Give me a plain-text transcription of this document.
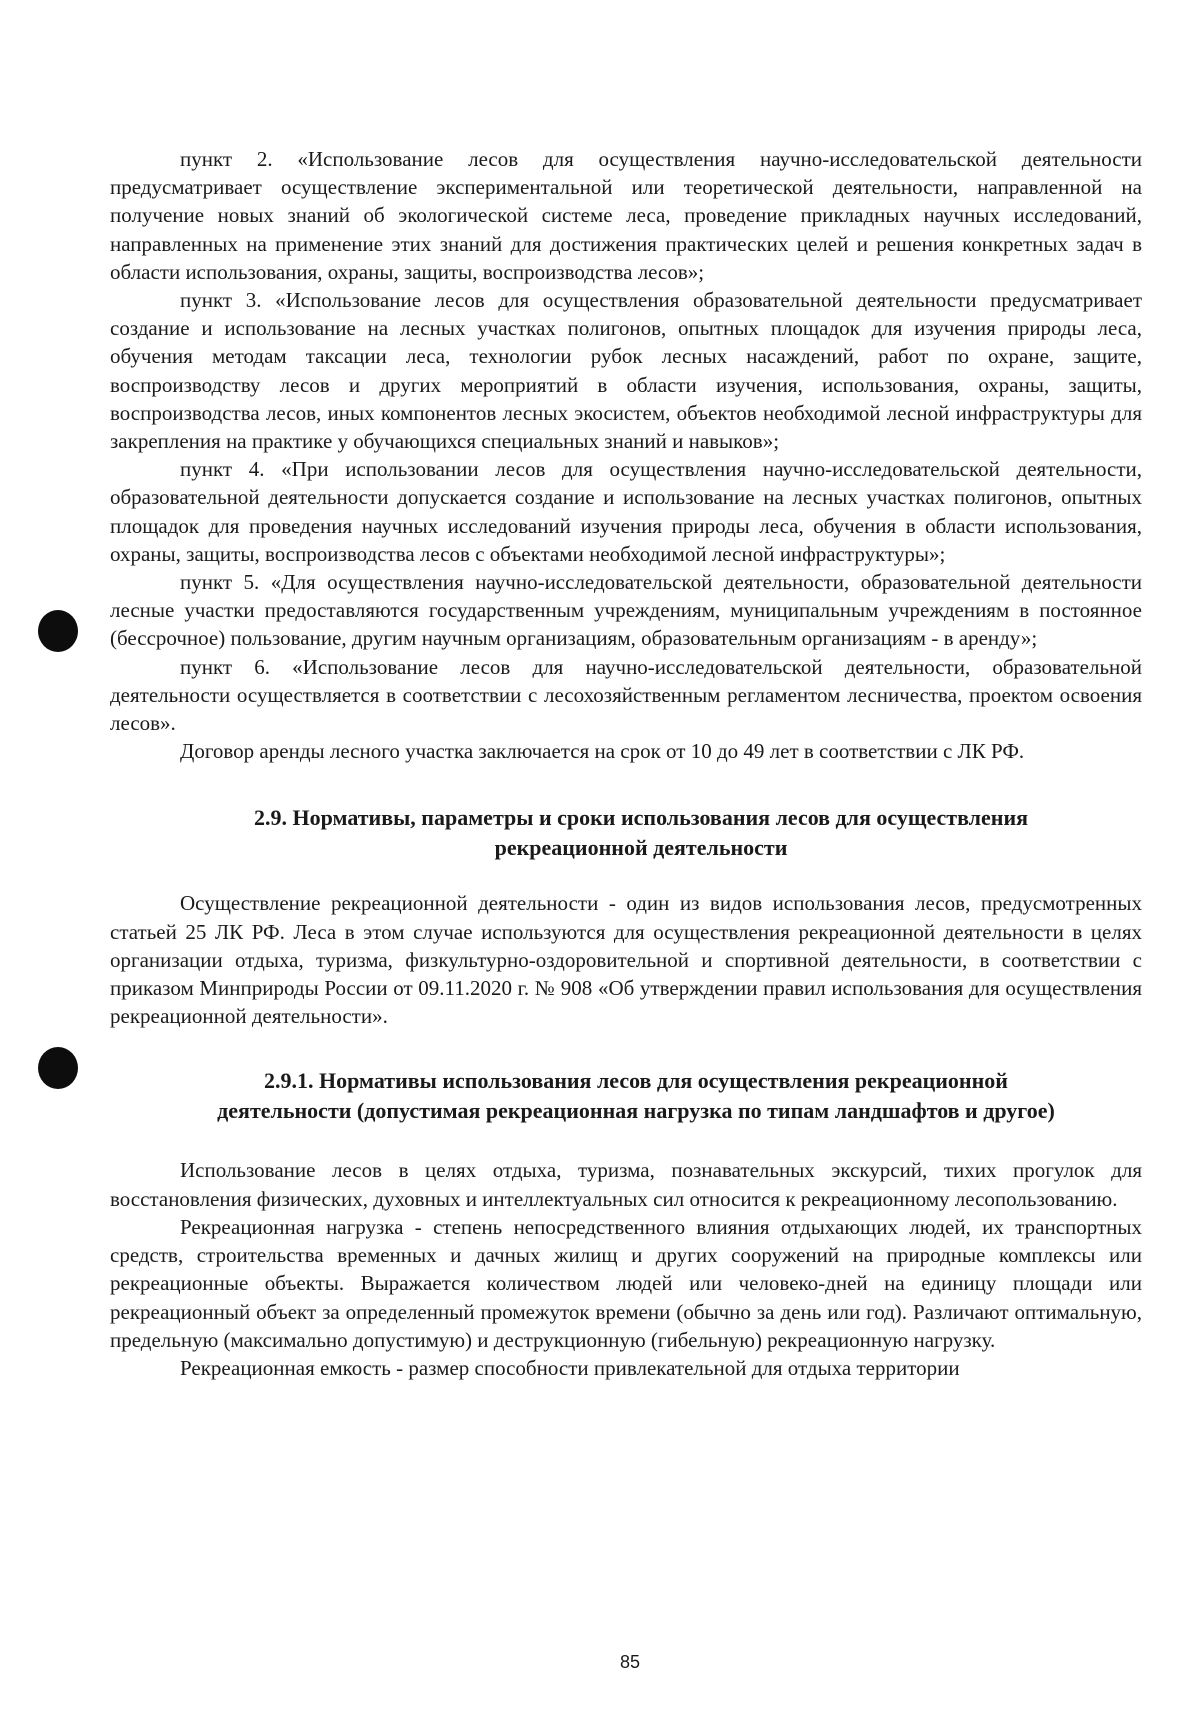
пункт 2. «Использование лесов для осуществления научно-исследовательской деятельности предусматривает осуществление экспериментальной или теоретической деятельности, направленной на получение новых знаний об экологической системе леса, проведение прикладных научных исследований, направленных на применение этих знаний для достижения практических целей и решения конкретных задач в области использования, охраны, защиты, воспроизводства лесов»;

пункт 3. «Использование лесов для осуществления образовательной деятельности предусматривает создание и использование на лесных участках полигонов, опытных площадок для изучения природы леса, обучения методам таксации леса, технологии рубок лесных насаждений, работ по охране, защите, воспроизводству лесов и других мероприятий в области изучения, использования, охраны, защиты, воспроизводства лесов, иных компонентов лесных экосистем, объектов необходимой лесной инфраструктуры для закрепления на практике у обучающихся специальных знаний и навыков»;

пункт 4. «При использовании лесов для осуществления научно-исследовательской деятельности, образовательной деятельности допускается создание и использование на лесных участках полигонов, опытных площадок для проведения научных исследований изучения природы леса, обучения в области использования, охраны, защиты, воспроизводства лесов с объектами необходимой лесной инфраструктуры»;

пункт 5. «Для осуществления научно-исследовательской деятельности, образовательной деятельности лесные участки предоставляются государственным учреждениям, муниципальным учреждениям в постоянное (бессрочное) пользование, другим научным организациям, образовательным организациям - в аренду»;

пункт 6. «Использование лесов для научно-исследовательской деятельности, образовательной деятельности осуществляется в соответствии с лесохозяйственным регламентом лесничества, проектом освоения лесов».

Договор аренды лесного участка заключается на срок от 10 до 49 лет в соответствии с ЛК РФ.

2.9. Нормативы, параметры и сроки использования лесов для осуществления
рекреационной деятельности

Осуществление рекреационной деятельности - один из видов использования лесов, предусмотренных статьей 25 ЛК РФ. Леса в этом случае используются для осуществления рекреационной деятельности в целях организации отдыха, туризма, физкультурно-оздоровительной и спортивной деятельности, в соответствии с приказом Минприроды России от 09.11.2020 г. № 908 «Об утверждении правил использования для осуществления рекреационной деятельности».

2.9.1. Нормативы использования лесов для осуществления рекреационной
деятельности (допустимая рекреационная нагрузка по типам ландшафтов и другое)

Использование лесов в целях отдыха, туризма, познавательных экскурсий, тихих прогулок для восстановления физических, духовных и интеллектуальных сил относится к рекреационному лесопользованию.

Рекреационная нагрузка - степень непосредственного влияния отдыхающих людей, их транспортных средств, строительства временных и дачных жилищ и других сооружений на природные комплексы или рекреационные объекты. Выражается количеством людей или человеко-дней на единицу площади или рекреационный объект за определенный промежуток времени (обычно за день или год). Различают оптимальную, предельную (максимально допустимую) и деструкционную (гибельную) рекреационную нагрузку.

Рекреационная емкость - размер способности привлекательной для отдыха территории

85
